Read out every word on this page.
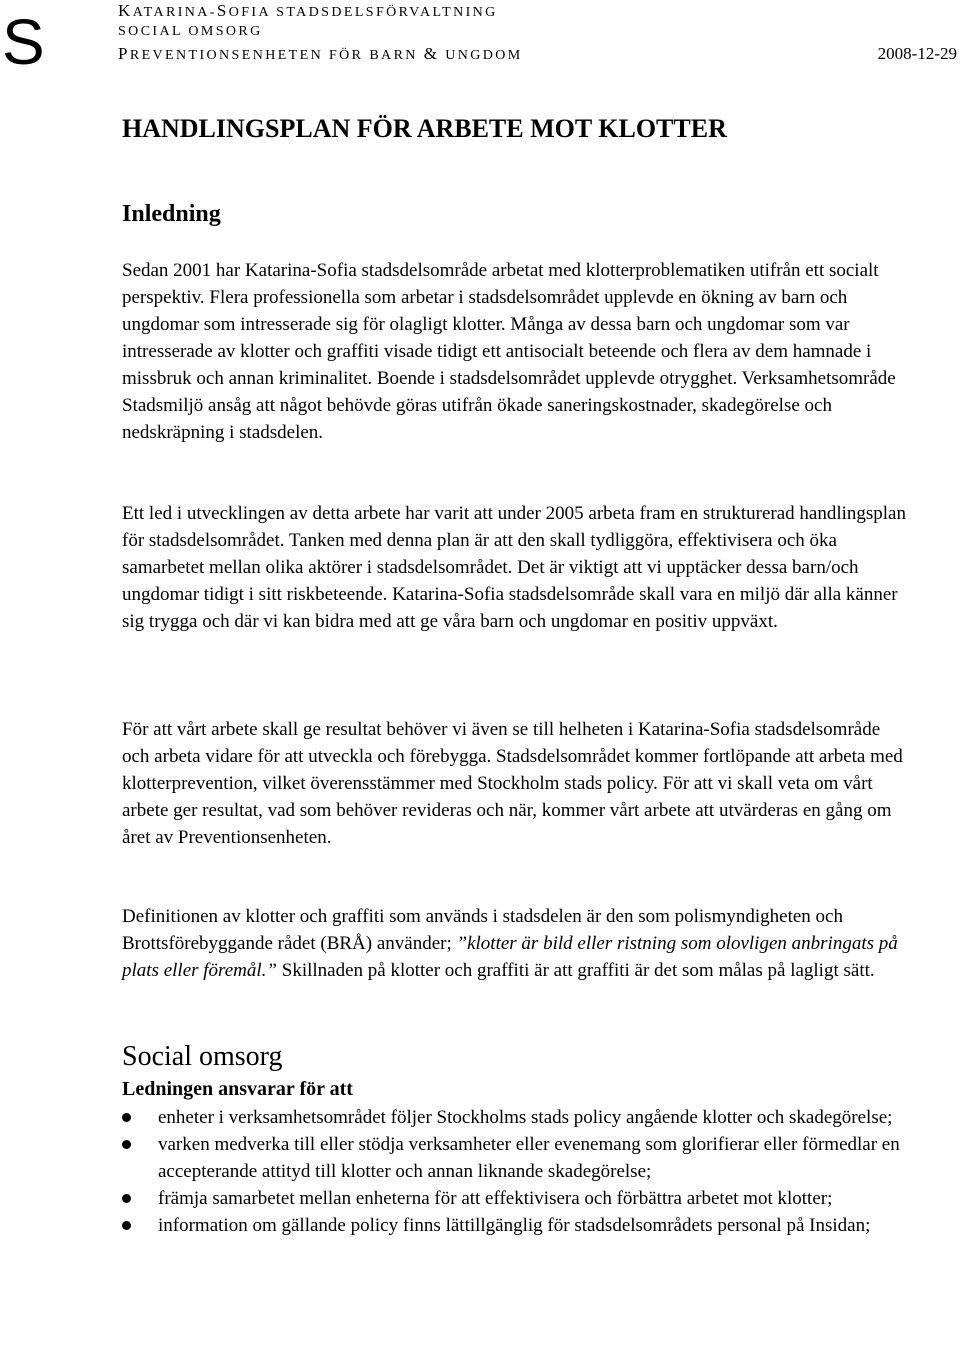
S	KATARINA-SOFIA STADSDELSFÖRVALTNING
SOCIAL OMSORG
PREVENTIONSENHETEN FÖR BARN & UNGDOM	2008-12-29
HANDLINGSPLAN FÖR ARBETE MOT KLOTTER
Inledning

Sedan 2001 har Katarina-Sofia stadsdelsområde arbetat med klotterproblematiken utifrån ett socialt perspektiv. Flera professionella som arbetar i stadsdelsområdet upplevde en ökning av barn och ungdomar som intresserade sig för olagligt klotter. Många av dessa barn och ungdomar som var intresserade av klotter och graffiti visade tidigt ett antisocialt beteende och flera av dem hamnade i missbruk och annan kriminalitet. Boende i stadsdelsområdet upplevde otrygghet. Verksamhetsområde Stadsmiljö ansåg att något behövde göras utifrån ökade saneringskostnader, skadegörelse och nedskräpning i stadsdelen.

Ett led i utvecklingen av detta arbete har varit att under 2005 arbeta fram en strukturerad handlingsplan för stadsdelsområdet. Tanken med denna plan är att den skall tydliggöra, effektivisera och öka samarbetet mellan olika aktörer i stadsdelsområdet. Det är viktigt att vi upptäcker dessa barn/och ungdomar tidigt i sitt riskbeteende. Katarina-Sofia stadsdelsområde skall vara en miljö där alla känner sig trygga och där vi kan bidra med att ge våra barn och ungdomar en positiv uppväxt.

För att vårt arbete skall ge resultat behöver vi även se till helheten i Katarina-Sofia stadsdelsområde och arbeta vidare för att utveckla och förebygga. Stadsdelsområdet kommer fortlöpande att arbeta med klotterprevention, vilket överensstämmer med Stockholm stads policy. För att vi skall veta om vårt arbete ger resultat, vad som behöver revideras och när, kommer vårt arbete att utvärderas en gång om året av Preventionsenheten.

Definitionen av klotter och graffiti som används i stadsdelen är den som polismyndigheten och Brottsförebyggande rådet (BRÅ) använder; ”klotter är bild eller ristning som olovligen anbringats på plats eller föremål.” Skillnaden på klotter och graffiti är att graffiti är det som målas på lagligt sätt.

Social omsorg
Ledningen ansvarar för att
enheter i verksamhetsområdet följer Stockholms stads policy angående klotter och skadegörelse;
varken medverka till eller stödja verksamheter eller evenemang som glorifierar eller förmedlar en accepterande attityd till klotter och annan liknande skadegörelse;
främja samarbetet mellan enheterna för att effektivisera och förbättra arbetet mot klotter;
information om gällande policy finns lättillgänglig för stadsdelsområdets personal på Insidan;
